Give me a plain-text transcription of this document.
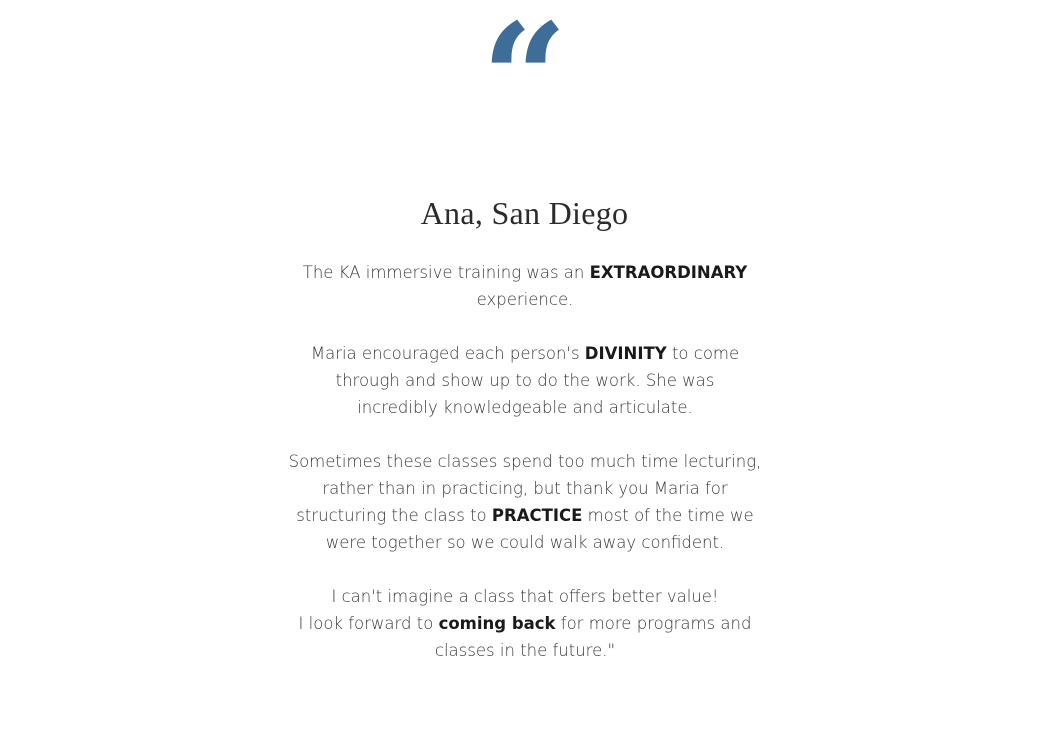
“
Ana, San Diego

The KA immersive training was an EXTRAORDINARY
experience.

Maria encouraged each person's DIVINITY to come
through and show up to do the work. She was
incredibly knowledgeable and articulate.

Sometimes these classes spend too much time lecturing,
rather than in practicing, but thank you Maria for
structuring the class to PRACTICE most of the time we
were together so we could walk away confident.

I can't imagine a class that offers better value!
I look forward to coming back for more programs and
classes in the future."
